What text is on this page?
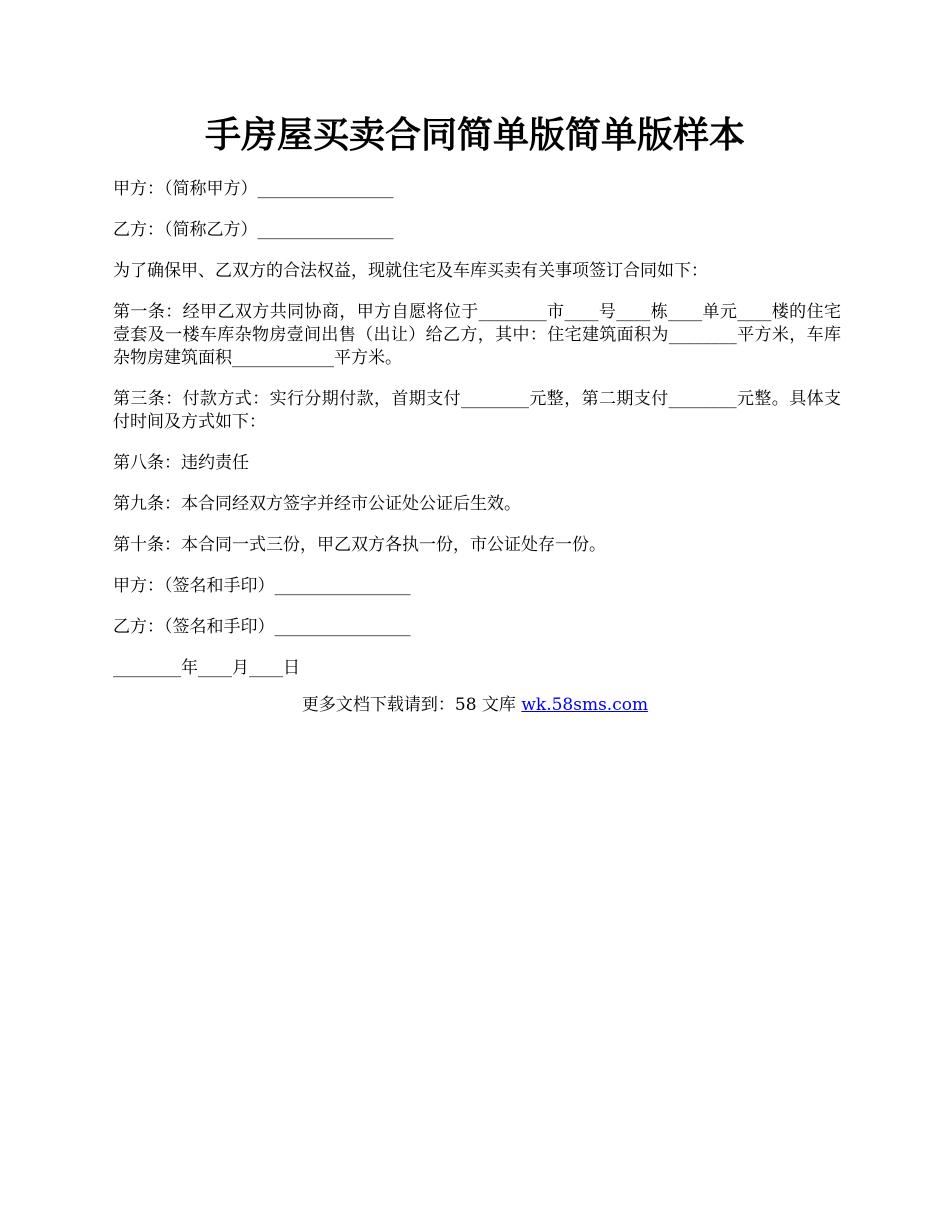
手房屋买卖合同简单版简单版样本

甲方：（简称甲方）________________

乙方：（简称乙方）________________

为了确保甲、乙双方的合法权益，现就住宅及车库买卖有关事项签订合同如下：

第一条：经甲乙双方共同协商，甲方自愿将位于________市____号____栋____单元____楼的住宅壹套及一楼车库杂物房壹间出售（出让）给乙方，其中：住宅建筑面积为________平方米，车库杂物房建筑面积____________平方米。

第三条：付款方式：实行分期付款，首期支付________元整，第二期支付________元整。具体支付时间及方式如下：

第八条：违约责任

第九条：本合同经双方签字并经市公证处公证后生效。

第十条：本合同一式三份，甲乙双方各执一份，市公证处存一份。

甲方：（签名和手印）________________

乙方：（签名和手印）________________

________年____月____日

更多文档下载请到：58 文库 wk.58sms.com
